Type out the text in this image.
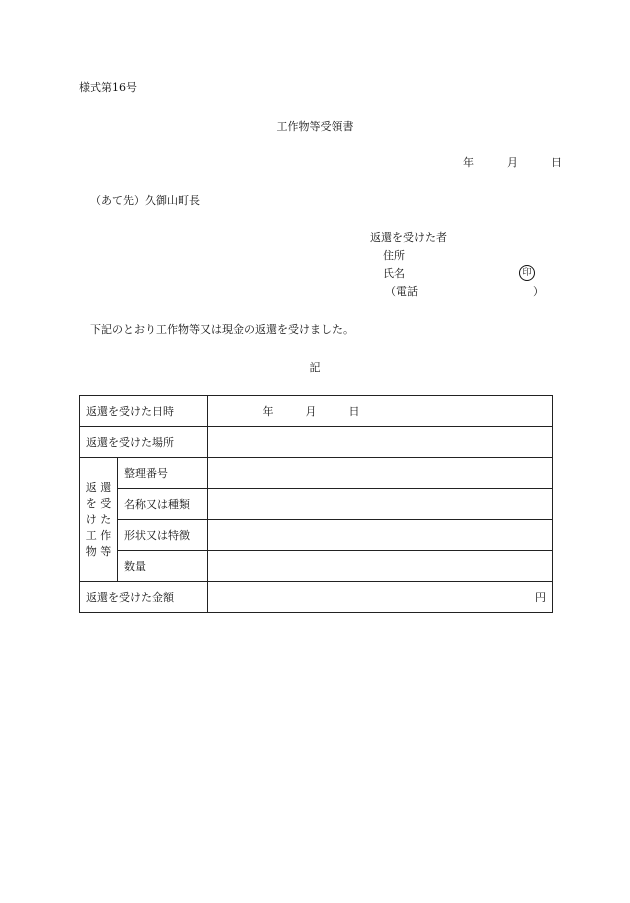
様式第16号
工作物等受領書
年	月	日
（あて先）久御山町長
返還を受けた者
住所
氏名	印
（電話	）
下記のとおり工作物等又は現金の返還を受けました。
記
返還を受けた日時		年 月 日
返還を受けた場所		

返 還
を 受
け た
工 作
物 等	整理番号	
	名称又は種類	
	形状又は特徴	
	数量	
返還を受けた金額		円
